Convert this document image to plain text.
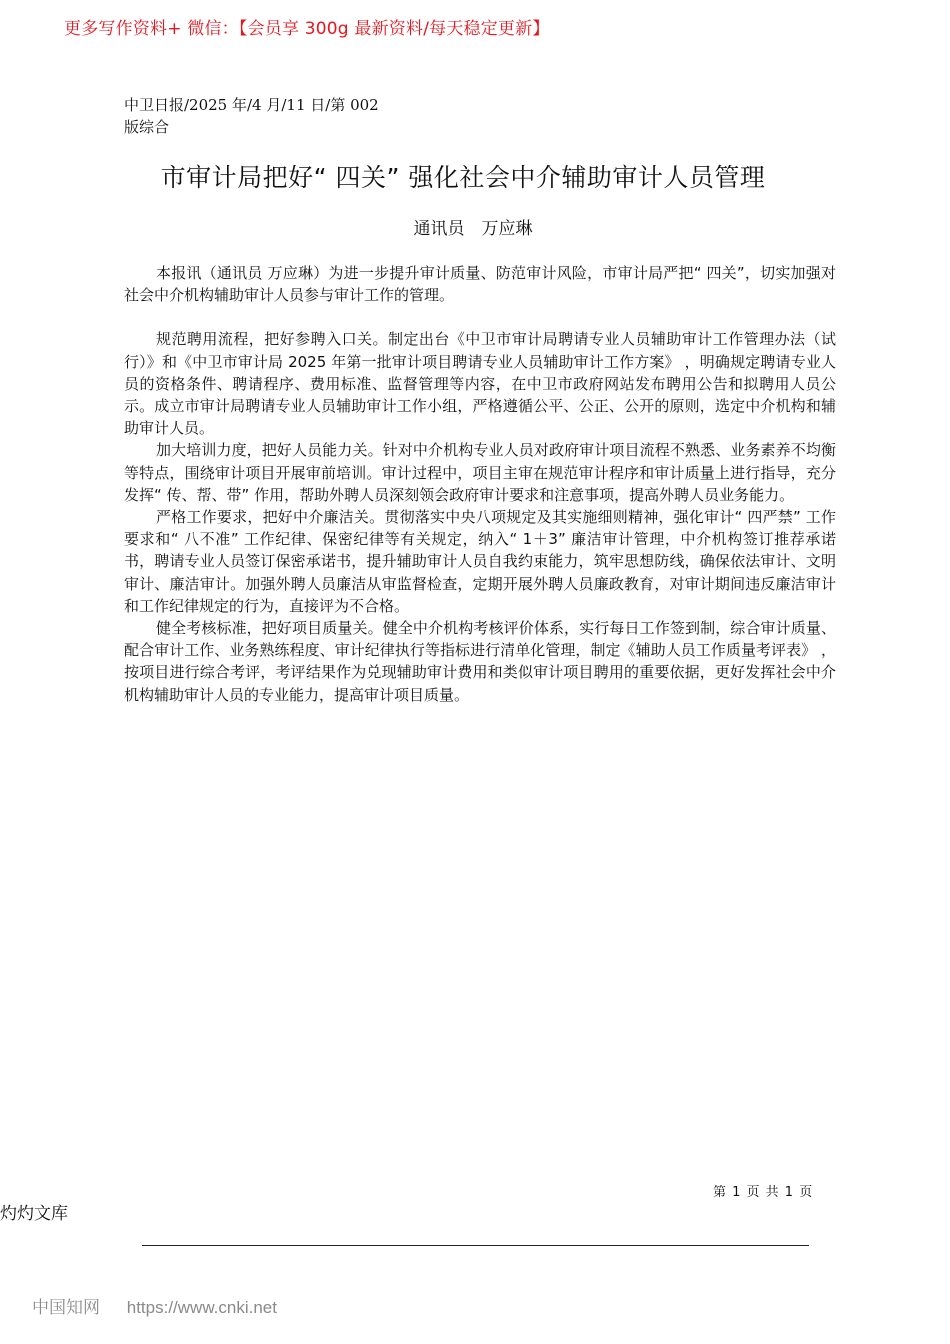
更多写作资料+ 微信：【会员享 300g 最新资料/每天稳定更新】
中卫日报/2025 年/4 月/11 日/第 002 版综合
市审计局把好“ 四关” 强化社会中介辅助审计人员管理
通讯员　万应琳

本报讯（通讯员 万应琳）为进一步提升审计质量、防范审计风险，市审计局严把“ 四关”，切实加强对社会中介机构辅助审计人员参与审计工作的管理。

规范聘用流程，把好参聘入口关。制定出台《中卫市审计局聘请专业人员辅助审计工作管理办法（试行）》和《中卫市审计局 2025 年第一批审计项目聘请专业人员辅助审计工作方案》 ，明确规定聘请专业人员的资格条件、聘请程序、费用标准、监督管理等内容，在中卫市政府网站发布聘用公告和拟聘用人员公示。成立市审计局聘请专业人员辅助审计工作小组，严格遵循公平、公正、公开的原则，选定中介机构和辅助审计人员。

加大培训力度，把好人员能力关。针对中介机构专业人员对政府审计项目流程不熟悉、业务素养不均衡等特点，围绕审计项目开展审前培训。审计过程中，项目主审在规范审计程序和审计质量上进行指导，充分发挥“ 传、帮、带” 作用，帮助外聘人员深刻领会政府审计要求和注意事项，提高外聘人员业务能力。

严格工作要求，把好中介廉洁关。贯彻落实中央八项规定及其实施细则精神，强化审计“ 四严禁” 工作要求和“ 八不准” 工作纪律、保密纪律等有关规定，纳入“ 1＋3” 廉洁审计管理，中介机构签订推荐承诺书，聘请专业人员签订保密承诺书，提升辅助审计人员自我约束能力，筑牢思想防线，确保依法审计、文明审计、廉洁审计。加强外聘人员廉洁从审监督检查，定期开展外聘人员廉政教育，对审计期间违反廉洁审计和工作纪律规定的行为，直接评为不合格。

健全考核标准，把好项目质量关。健全中介机构考核评价体系，实行每日工作签到制，综合审计质量、配合审计工作、业务熟练程度、审计纪律执行等指标进行清单化管理，制定《辅助人员工作质量考评表》 ，按项目进行综合考评，考评结果作为兑现辅助审计费用和类似审计项目聘用的重要依据，更好发挥社会中介机构辅助审计人员的专业能力，提高审计项目质量。

第 1 页 共 1 页
灼灼文库
中国知网 https://www.cnki.net
